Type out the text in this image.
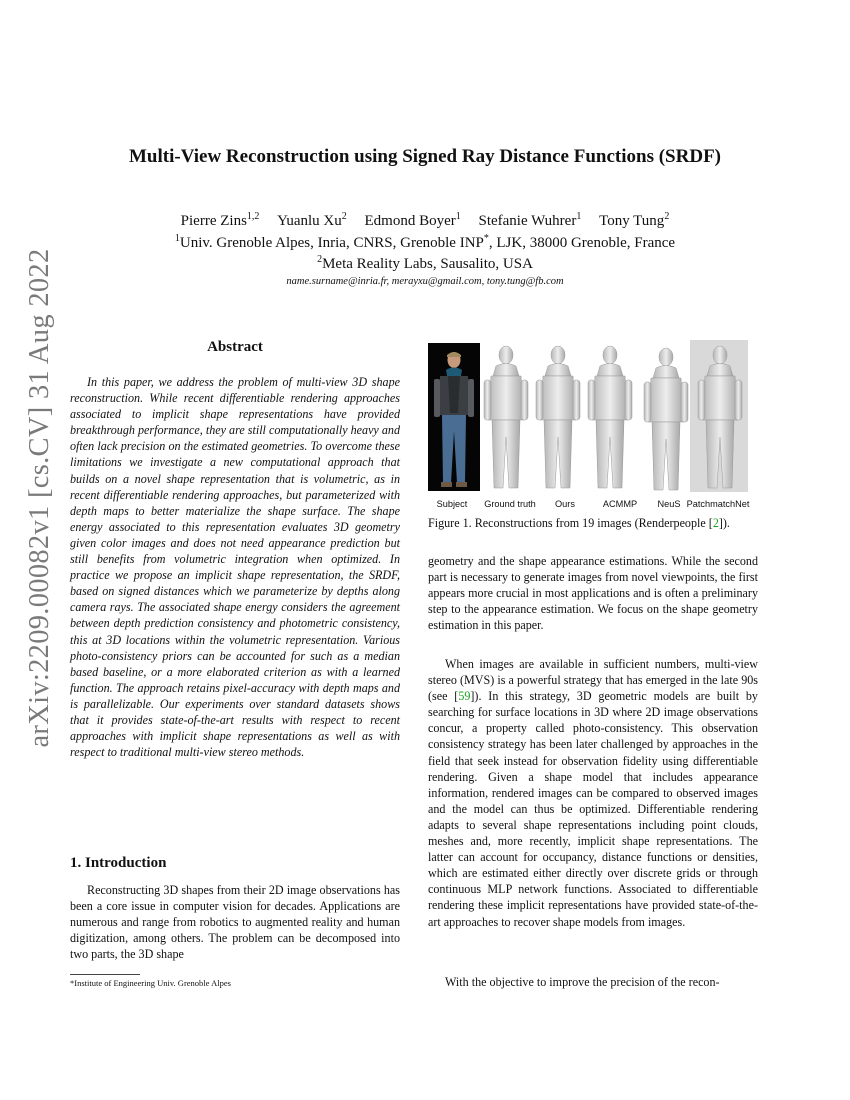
arXiv:2209.00082v1 [cs.CV] 31 Aug 2022
Multi-View Reconstruction using Signed Ray Distance Functions (SRDF)
Pierre Zins$^{1,2}$ Yuanlu Xu$^2$ Edmond Boyer$^1$ Stefanie Wuhrer$^1$ Tony Tung$^2$
$^1$Univ. Grenoble Alpes, Inria, CNRS, Grenoble INP*, LJK, 38000 Grenoble, France
$^2$Meta Reality Labs, Sausalito, USA
name.surname@inria.fr, merayxu@gmail.com, tony.tung@fb.com
Abstract

In this paper, we address the problem of multi-view 3D shape reconstruction. While recent differentiable rendering approaches associated to implicit shape representations have provided breakthrough performance, they are still computationally heavy and often lack precision on the estimated geometries. To overcome these limitations we investigate a new computational approach that builds on a novel shape representation that is volumetric, as in recent differentiable rendering approaches, but parameterized with depth maps to better materialize the shape surface. The shape energy associated to this representation evaluates 3D geometry given color images and does not need appearance prediction but still benefits from volumetric integration when optimized. In practice we propose an implicit shape representation, the SRDF, based on signed distances which we parameterize by depths along camera rays. The associated shape energy considers the agreement between depth prediction consistency and photometric consistency, this at 3D locations within the volumetric representation. Various photo-consistency priors can be accounted for such as a median based baseline, or a more elaborated criterion as with a learned function. The approach retains pixel-accuracy with depth maps and is parallelizable. Our experiments over standard datasets shows that it provides state-of-the-art results with respect to recent approaches with implicit shape representations as well as with respect to traditional multi-view stereo methods.

1. Introduction

Reconstructing 3D shapes from their 2D image observations has been a core issue in computer vision for decades. Applications are numerous and range from robotics to augmented reality and human digitization, among others. The problem can be decomposed into two parts, the 3D shape

*Institute of Engineering Univ. Grenoble Alpes
Subject Ground truth Ours	ACMMP NeuS PatchmatchNet
Figure 1. Reconstructions from 19 images (Renderpeople [2]).

geometry and the shape appearance estimations. While the second part is necessary to generate images from novel viewpoints, the first appears more crucial in most applications and is often a preliminary step to the appearance estimation. We focus on the shape geometry estimation in this paper.

When images are available in sufficient numbers, multi-view stereo (MVS) is a powerful strategy that has emerged in the late 90s (see [59]). In this strategy, 3D geometric models are built by searching for surface locations in 3D where 2D image observations concur, a property called photo-consistency. This observation consistency strategy has been later challenged by approaches in the field that seek instead for observation fidelity using differentiable rendering. Given a shape model that includes appearance information, rendered images can be compared to observed images and the model can thus be optimized. Differentiable rendering adapts to several shape representations including point clouds, meshes and, more recently, implicit shape representations. The latter can account for occupancy, distance functions or densities, which are estimated either directly over discrete grids or through continuous MLP network functions. Associated to differentiable rendering these implicit representations have provided state-of-the-art approaches to recover shape models from images.

With the objective to improve the precision of the recon-
